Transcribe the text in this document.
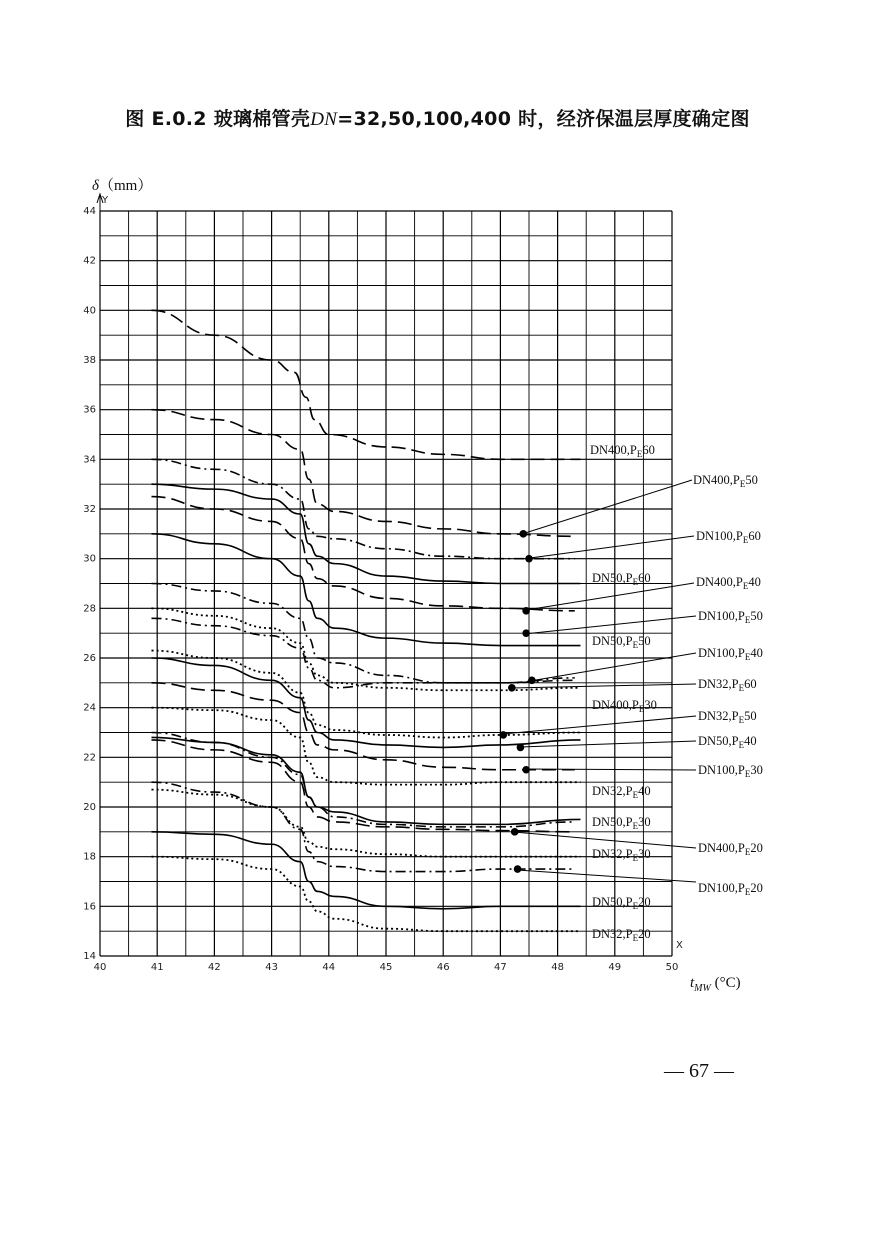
图 E.0.2 玻璃棉管壳DN=32,50,100,400 时，经济保温层厚度确定图
40	41	42	43	44	45	46	47	48	49	50
14
16
18
20
22
24
26
28
30
32
34
36
38
40
42
44
$DN400,P_E60$
$DN400,P_E50$
$DN400,P_E40$
$DN400,P_E30$
$DN400,P_E20$
$DN100,P_E60$
$DN100,P_E50$
$DN100,P_E40$
$DN100,P_E30$
$DN100,P_E20$
$DN50,P_E60$
$DN50,P_E50$
$DN50,P_E40$
$DN50,P_E30$
$DN50,P_E20$
$DN32,P_E60$
$DN32,P_E50$
$DN32,P_E40$
$DN32,P_E30$
$DN32,P_E20$
δ（mm）
Y
X
$t_{MW}$ (°C)
— 67 —
